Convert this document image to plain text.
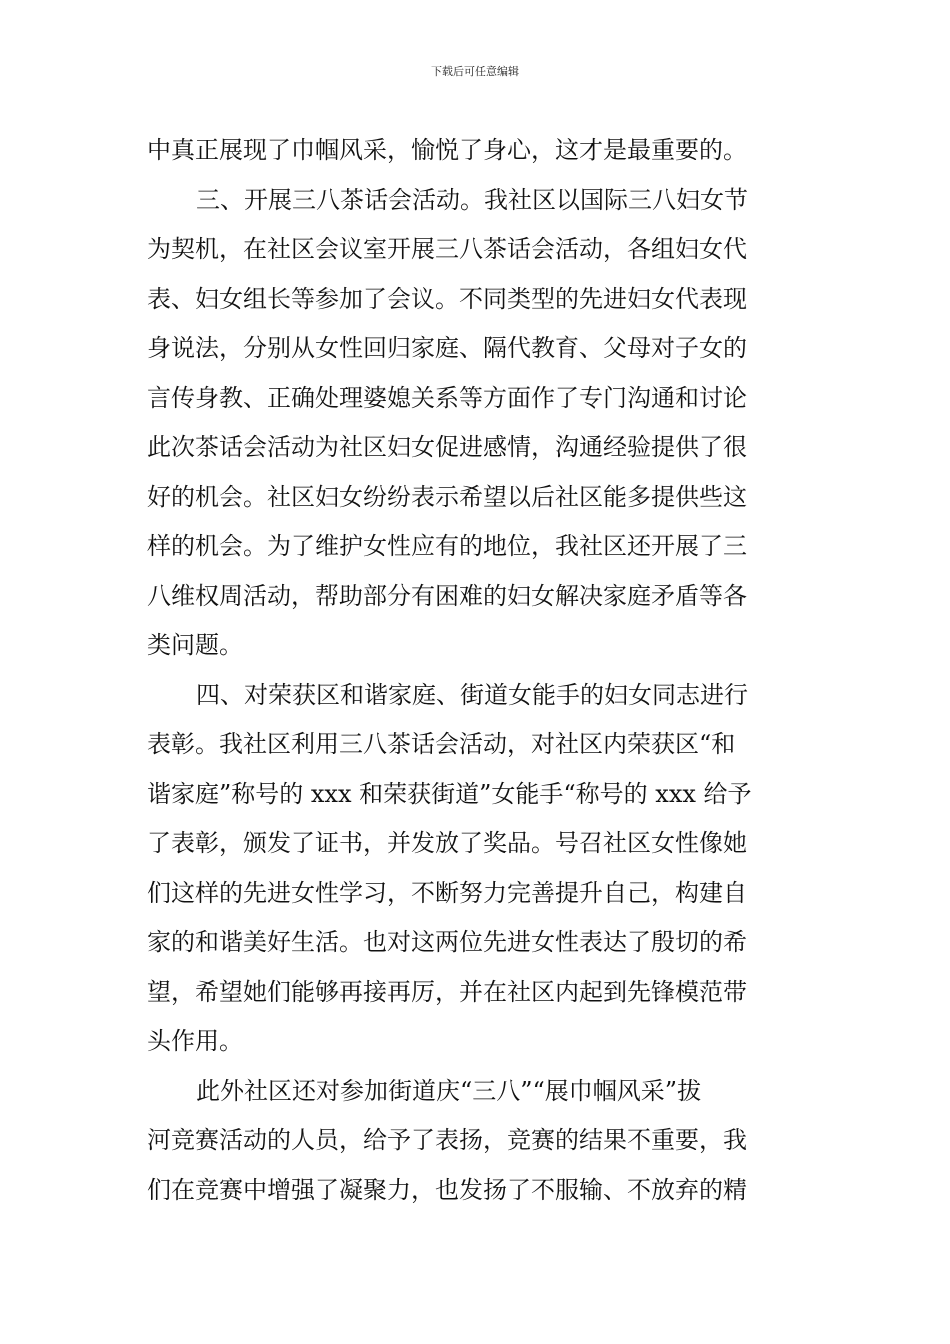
下载后可任意编辑
中真正展现了巾帼风采，愉悦了身心，这才是最重要的。
三、开展三八茶话会活动。我社区以国际三八妇女节
为契机，在社区会议室开展三八茶话会活动，各组妇女代
表、妇女组长等参加了会议。不同类型的先进妇女代表现
身说法，分别从女性回归家庭、隔代教育、父母对子女的
言传身教、正确处理婆媳关系等方面作了专门沟通和讨论
此次茶话会活动为社区妇女促进感情，沟通经验提供了很
好的机会。社区妇女纷纷表示希望以后社区能多提供些这
样的机会。为了维护女性应有的地位，我社区还开展了三
八维权周活动，帮助部分有困难的妇女解决家庭矛盾等各
类问题。
四、对荣获区和谐家庭、街道女能手的妇女同志进行
表彰。我社区利用三八茶话会活动，对社区内荣获区“和
谐家庭”称号的 xxx 和荣获街道”女能手“称号的 xxx 给予
了表彰，颁发了证书，并发放了奖品。号召社区女性像她
们这样的先进女性学习，不断努力完善提升自己，构建自
家的和谐美好生活。也对这两位先进女性表达了殷切的希
望，希望她们能够再接再厉，并在社区内起到先锋模范带
头作用。
此外社区还对参加街道庆“三八”“展巾帼风采”拔
河竞赛活动的人员，给予了表扬，竞赛的结果不重要，我
们在竞赛中增强了凝聚力，也发扬了不服输、不放弃的精
